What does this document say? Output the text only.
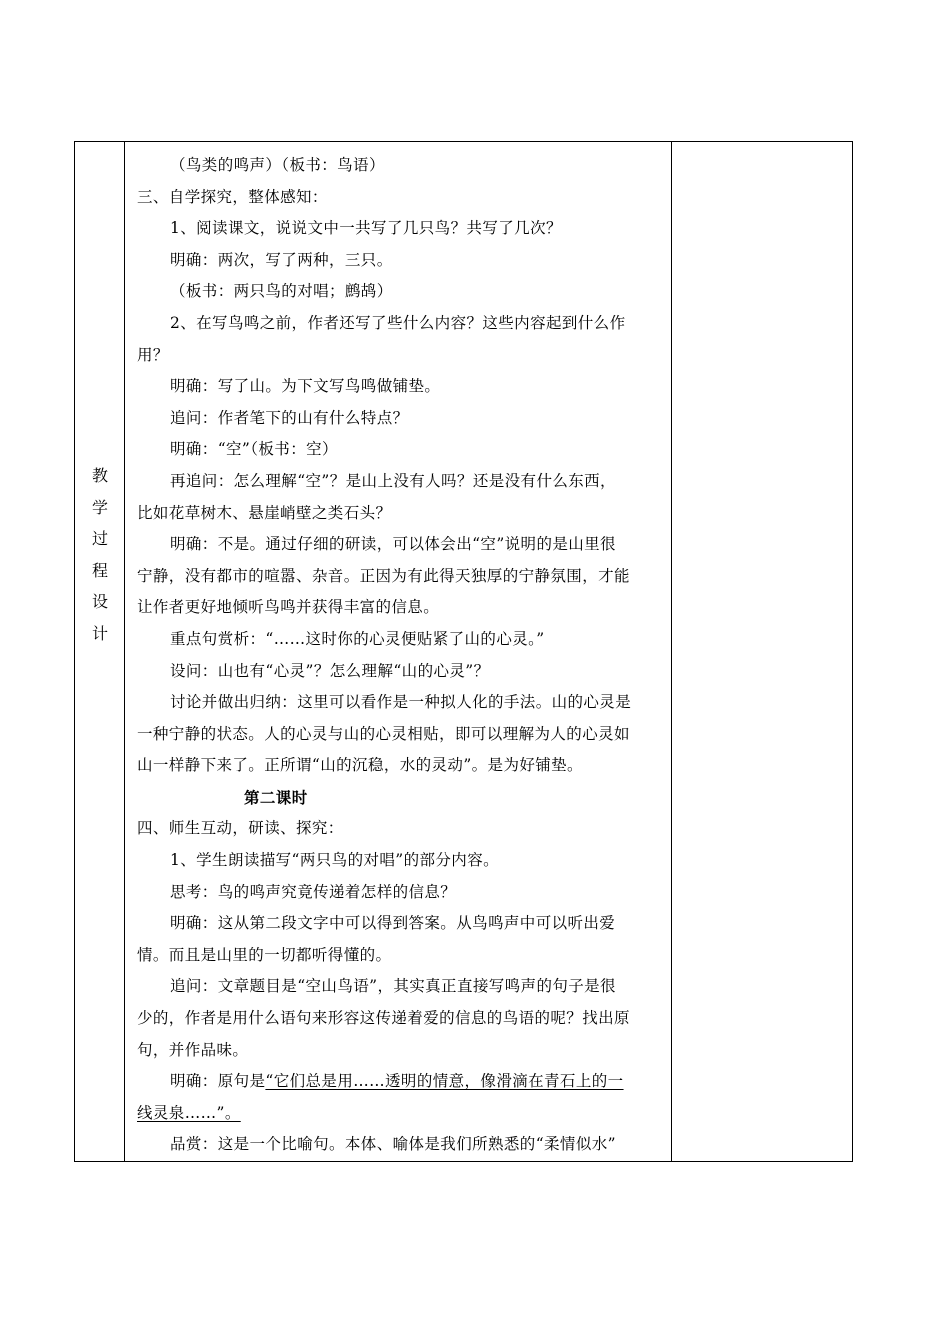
教
学
过
程
设
计
（鸟类的鸣声）（板书：鸟语）
三、自学探究，整体感知：
1、阅读课文，说说文中一共写了几只鸟？共写了几次？
明确：两次，写了两种，三只。
（板书：两只鸟的对唱；鹧鸪）
2、在写鸟鸣之前，作者还写了些什么内容？这些内容起到什么作
用？
明确：写了山。为下文写鸟鸣做铺垫。
追问：作者笔下的山有什么特点？
明确：“空”（板书：空）
再追问：怎么理解“空”？是山上没有人吗？还是没有什么东西，
比如花草树木、悬崖峭壁之类石头？
明确：不是。通过仔细的研读，可以体会出“空”说明的是山里很
宁静，没有都市的喧嚣、杂音。正因为有此得天独厚的宁静氛围，才能
让作者更好地倾听鸟鸣并获得丰富的信息。
重点句赏析：“……这时你的心灵便贴紧了山的心灵。”
设问：山也有“心灵”？怎么理解“山的心灵”？
讨论并做出归纳：这里可以看作是一种拟人化的手法。山的心灵是
一种宁静的状态。人的心灵与山的心灵相贴，即可以理解为人的心灵如
山一样静下来了。正所谓“山的沉稳，水的灵动”。是为好铺垫。
第二课时
四、师生互动，研读、探究：
1、学生朗读描写“两只鸟的对唱”的部分内容。
思考：鸟的鸣声究竟传递着怎样的信息？
明确：这从第二段文字中可以得到答案。从鸟鸣声中可以听出爱
情。而且是山里的一切都听得懂的。
追问：文章题目是“空山鸟语”，其实真正直接写鸣声的句子是很
少的，作者是用什么语句来形容这传递着爱的信息的鸟语的呢？找出原
句，并作品味。
明确：原句是“它们总是用……透明的情意，像滑滴在青石上的一
线灵泉……”。
品赏：这是一个比喻句。本体、喻体是我们所熟悉的“柔情似水”
